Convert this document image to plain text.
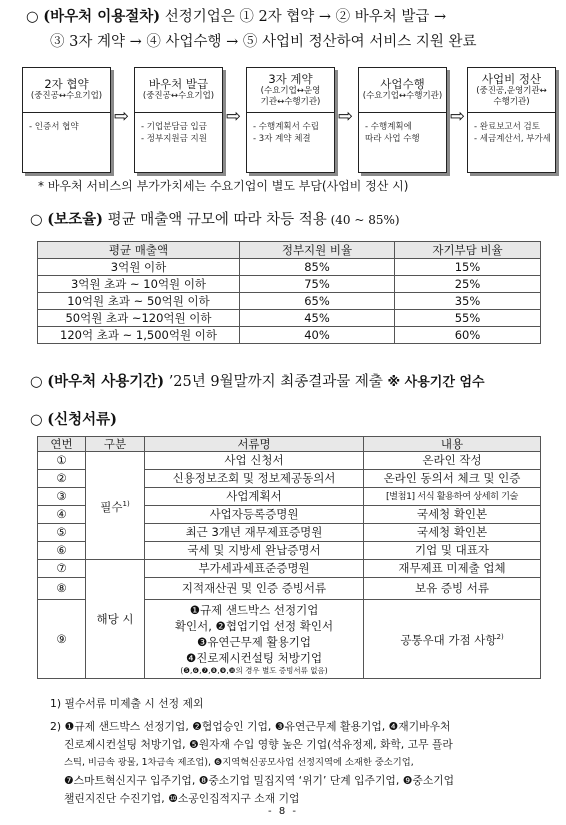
○ (바우처 이용절차) 선정기업은 ① 2자 협약 → ② 바우처 발급 →
③ 3자 계약 → ④ 사업수행 → ⑤ 사업비 정산하여 서비스 지원 완료
2자 협약
(중진공↔수요기업)
- 인증서 협약	⇨
바우처 발급
(중진공↔수요기업)
- 기업분담금 입금
- 정부지원금 지원
⇨
3자 계약
(수요기업↔운영
기관↔수행기관)
- 수행계획서 수립
- 3자 계약 체결
⇨
사업수행
(수요기업↔수행기관)
- 수행계획에
따라 사업 수행
⇨
사업비 정산
(중진공,운영기관↔
수행기관)
- 완료보고서 검토
- 세금계산서, 부가세
* 바우처 서비스의 부가가치세는 수요기업이 별도 부담(사업비 정산 시)
○ (보조율) 평균 매출액 규모에 따라 차등 적용 (40 ~ 85%)
평균 매출액	정부지원 비율	자기부담 비율
3억원 이하	85%	15%
3억원 초과 ~ 10억원 이하	75%	25%
10억원 초과 ~ 50억원 이하	65%	35%
50억원 초과 ~120억원 이하	45%	55%
120억 초과 ~ 1,500억원 이하	40%	60%
○ (바우처 사용기간) ’25년 9월말까지 최종결과물 제출 ※ 사용기간 엄수
○ (신청서류)
연번	구분	서류명	내용
①	필수$^{1)}$	사업 신청서	온라인 작성
②		신용정보조회 및 정보제공동의서	온라인 동의서 체크 및 인증
③		사업계획서	[별첨1] 서식 활용하여 상세히 기술
④		사업자등록증명원	국세청 확인본
⑤		최근 3개년 재무제표증명원	국세청 확인본
⑥		국세 및 지방세 완납증명서	기업 및 대표자
⑦	해당 시	부가세과세표준증명원	재무제표 미제출 업체
⑧		지적재산권 및 인증 증빙서류	보유 증빙 서류
⑨		❶규제 샌드박스 선정기업
확인서, ❷협업기업 선정 확인서
❸유연근무제 활용기업
❹진로제시컨설팅 처방기업
(❺,❻,❼,❽,❾,❿의 경우 별도 증빙서류 없음)	공통우대 가점 사항$^{2)}$
1) 필수서류 미제출 시 선정 제외
2) ❶규제 샌드박스 선정기업, ❷협업승인 기업, ❸유연근무제 활용기업, ❹재기바우처
진로제시컨설팅 처방기업, ❺원자재 수입 영향 높은 기업(석유정제, 화학, 고무 플라
스틱, 비금속 광물, 1차금속 제조업), ❻지역혁신공모사업 선정지역에 소재한 중소기업,
❼스마트혁신지구 입주기업, ❽중소기업 밀집지역 ‘위기’ 단계 입주기업, ❾중소기업
챌린지진단 수진기업, ❿소공인집적지구 소재 기업
- 8 -
